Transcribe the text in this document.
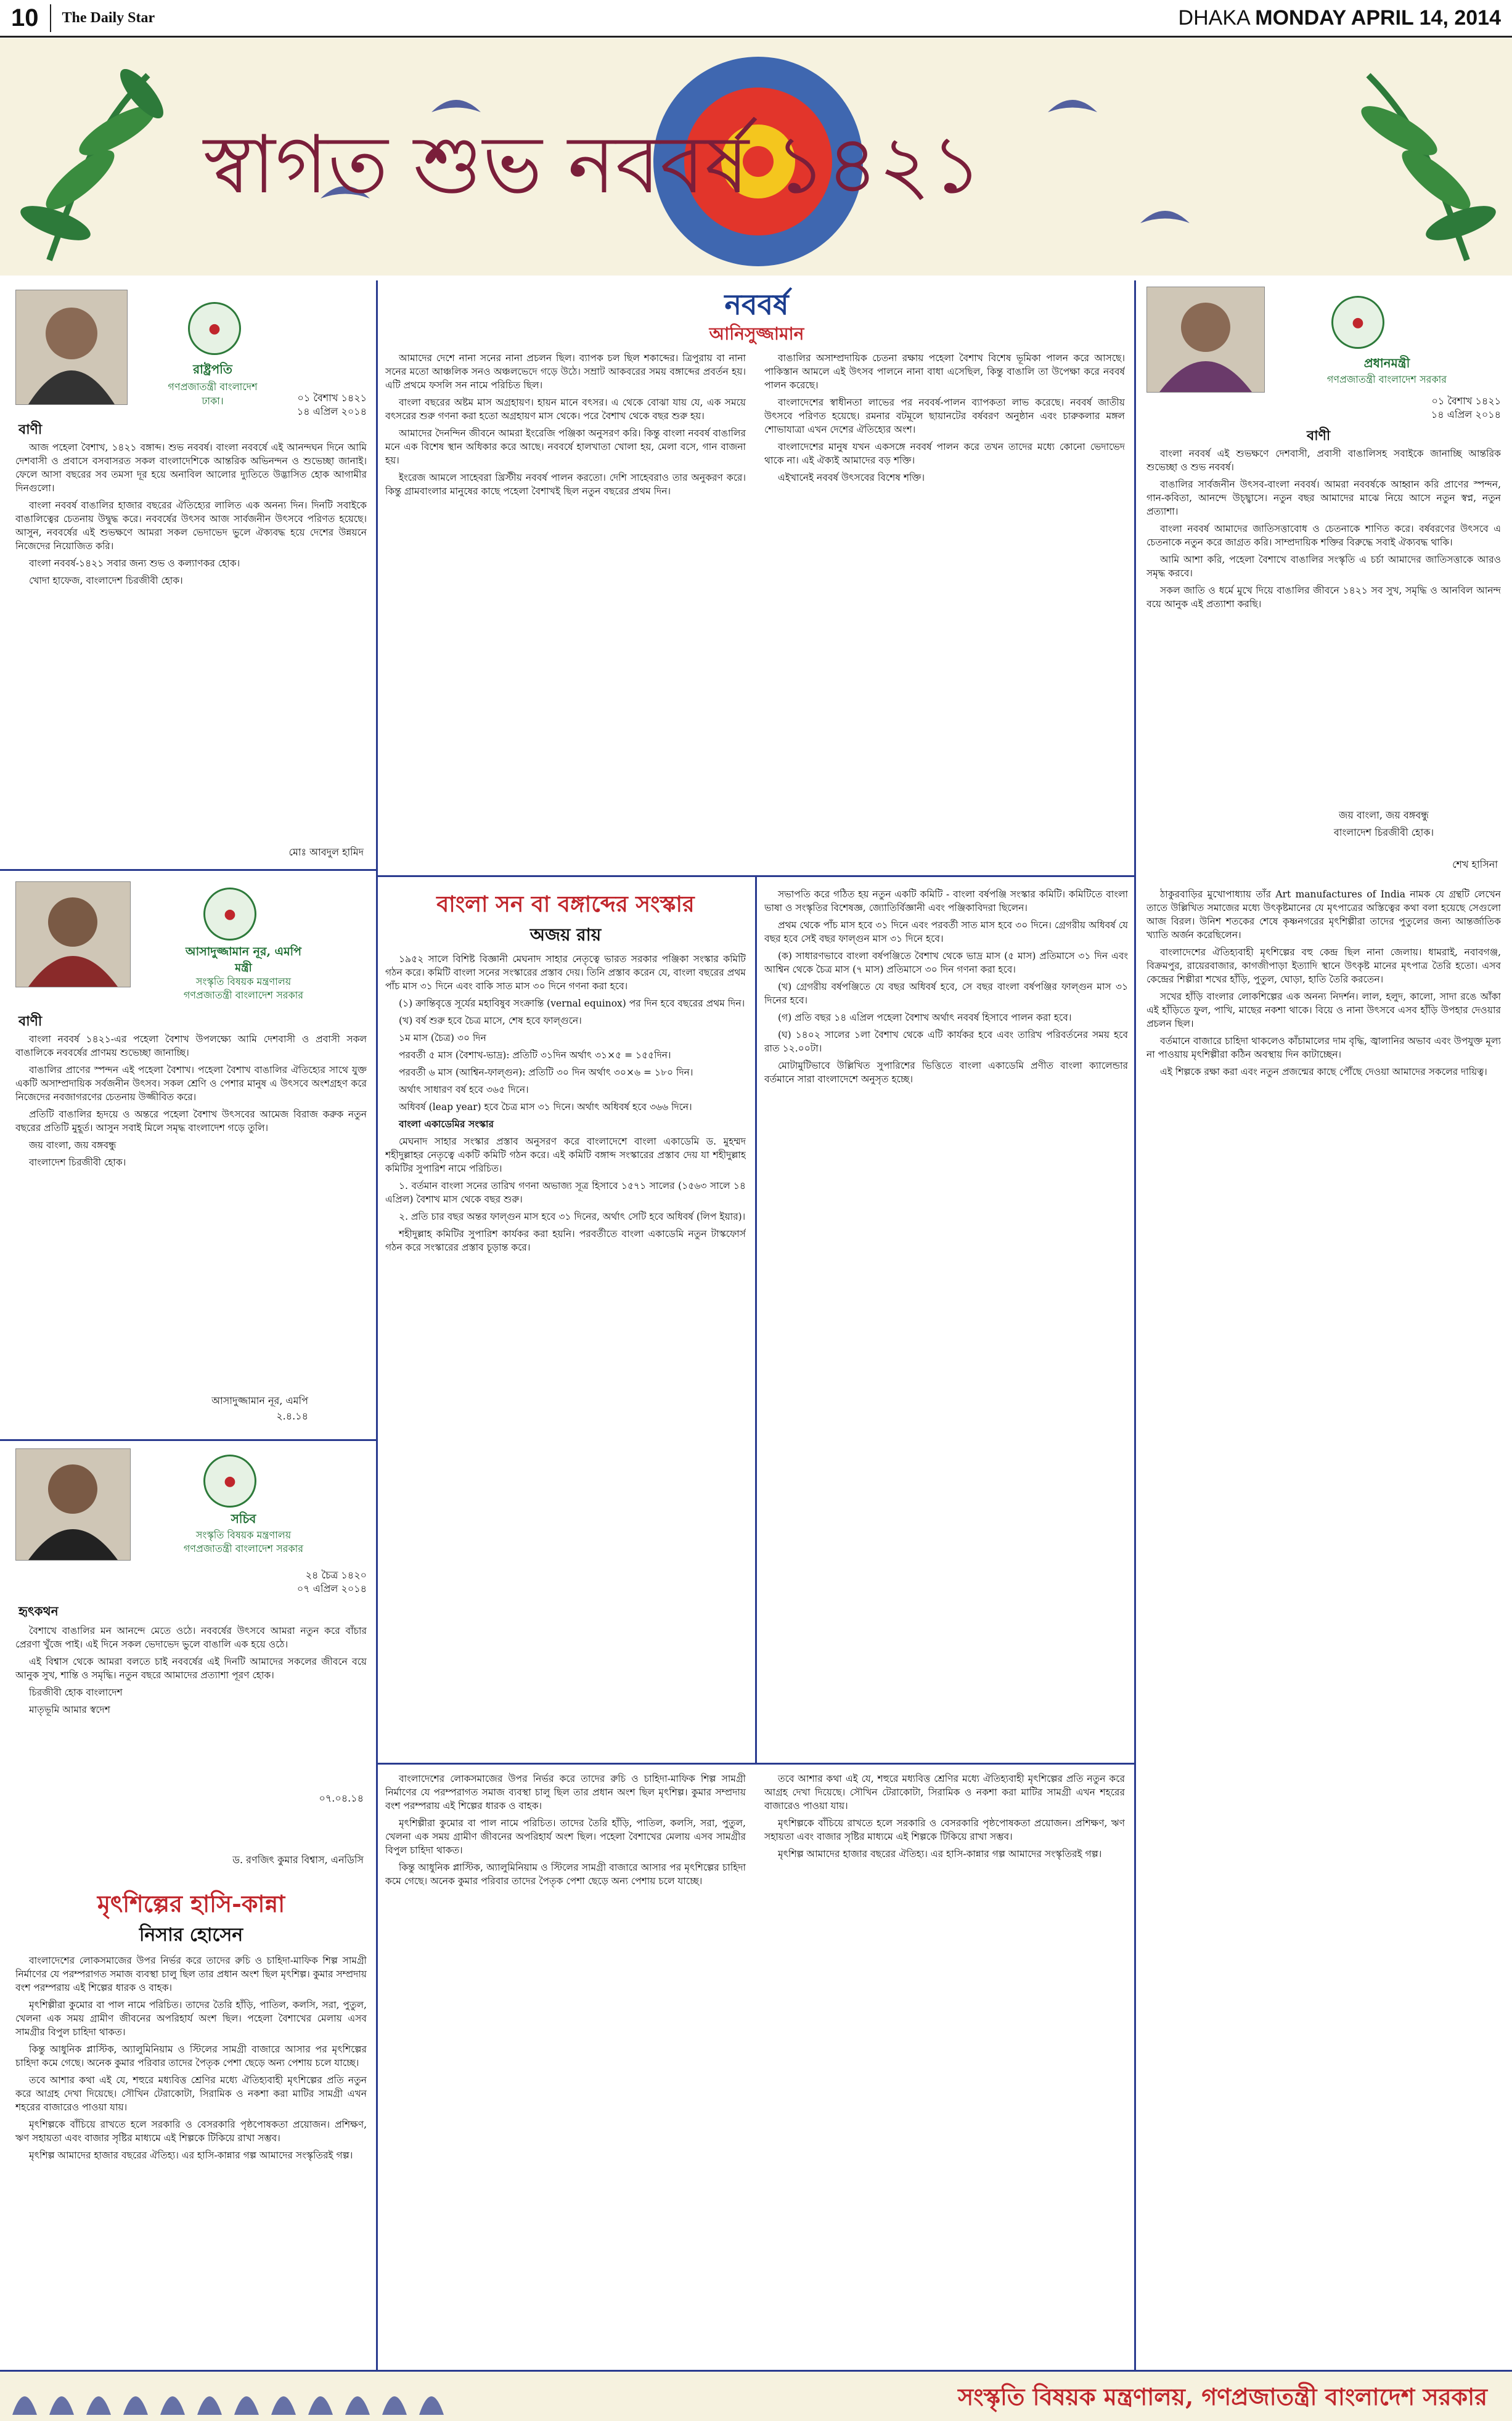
10	The Daily Star	DHAKA MONDAY APRIL 14, 2014
স্বাগত শুভ নববর্ষ ১৪২১
●
রাষ্ট্রপতি
গণপ্রজাতন্ত্রী বাংলাদেশ
ঢাকা।	০১ বৈশাখ ১৪২১
১৪ এপ্রিল ২০১৪
বাণী

আজ পহেলা বৈশাখ, ১৪২১ বঙ্গাব্দ। শুভ নববর্ষ। বাংলা নববর্ষে এই আনন্দঘন দিনে আমি দেশবাসী ও প্রবাসে বসবাসরত সকল বাংলাদেশিকে আন্তরিক অভিনন্দন ও শুভেচ্ছা জানাই। ফেলে আসা বছরের সব তমসা দূর হয়ে অনাবিল আলোর দ্যুতিতে উদ্ভাসিত হোক আগামীর দিনগুলো।

বাংলা নববর্ষ বাঙালির হাজার বছরের ঐতিহ্যের লালিত এক অনন্য দিন। দিনটি সবাইকে বাঙালিত্বের চেতনায় উদ্বুদ্ধ করে। নববর্ষের উৎসব আজ সার্বজনীন উৎসবে পরিণত হয়েছে। আসুন, নববর্ষের এই শুভক্ষণে আমরা সকল ভেদাভেদ ভুলে ঐক্যবদ্ধ হয়ে দেশের উন্নয়নে নিজেদের নিয়োজিত করি।

বাংলা নববর্ষ-১৪২১ সবার জন্য শুভ ও কল্যাণকর হোক।

খোদা হাফেজ, বাংলাদেশ চিরজীবী হোক।

মোঃ আবদুল হামিদ
●
আসাদুজ্জামান নূর, এমপি
মন্ত্রী
সংস্কৃতি বিষয়ক মন্ত্রণালয়
গণপ্রজাতন্ত্রী বাংলাদেশ সরকার
বাণী

বাংলা নববর্ষ ১৪২১-এর পহেলা বৈশাখ উপলক্ষ্যে আমি দেশবাসী ও প্রবাসী সকল বাঙালিকে নববর্ষের প্রাণময় শুভেচ্ছা জানাচ্ছি।

বাঙালির প্রাণের স্পন্দন এই পহেলা বৈশাখ। পহেলা বৈশাখ বাঙালির ঐতিহ্যের সাথে যুক্ত একটি অসাম্প্রদায়িক সর্বজনীন উৎসব। সকল শ্রেণি ও পেশার মানুষ এ উৎসবে অংশগ্রহণ করে নিজেদের নবজাগরণের চেতনায় উজ্জীবিত করে।

প্রতিটি বাঙালির হৃদয়ে ও অন্তরে পহেলা বৈশাখ উৎসবের আমেজ বিরাজ করুক নতুন বছরের প্রতিটি মুহূর্ত। আসুন সবাই মিলে সমৃদ্ধ বাংলাদেশ গড়ে তুলি।

জয় বাংলা, জয় বঙ্গবন্ধু

বাংলাদেশ চিরজীবী হোক।

আসাদুজ্জামান নূর, এমপি
২.৪.১৪
●
সচিব
সংস্কৃতি বিষয়ক মন্ত্রণালয়
গণপ্রজাতন্ত্রী বাংলাদেশ সরকার
২৪ চৈত্র ১৪২০
০৭ এপ্রিল ২০১৪
হৃৎকথন

বৈশাখে বাঙালির মন আনন্দে মেতে ওঠে। নববর্ষের উৎসবে আমরা নতুন করে বাঁচার প্রেরণা খুঁজে পাই। এই দিনে সকল ভেদাভেদ ভুলে বাঙালি এক হয়ে ওঠে।

এই বিশ্বাস থেকে আমরা বলতে চাই নববর্ষের এই দিনটি আমাদের সকলের জীবনে বয়ে আনুক সুখ, শান্তি ও সমৃদ্ধি। নতুন বছরে আমাদের প্রত্যাশা পূরণ হোক।

চিরজীবী হোক বাংলাদেশ

মাতৃভূমি আমার স্বদেশ

০৭.০৪.১৪
ড. রণজিৎ কুমার বিশ্বাস, এনডিসি
মৃৎশিল্পের হাসি-কান্না
নিসার হোসেন

বাংলাদেশের লোকসমাজের উপর নির্ভর করে তাদের রুচি ও চাহিদা-মাফিক শিল্প সামগ্রী নির্মাণের যে পরম্পরাগত সমাজ ব্যবস্থা চালু ছিল তার প্রধান অংশ ছিল মৃৎশিল্প। কুমার সম্প্রদায় বংশ পরম্পরায় এই শিল্পের ধারক ও বাহক।

মৃৎশিল্পীরা কুমোর বা পাল নামে পরিচিত। তাদের তৈরি হাঁড়ি, পাতিল, কলসি, সরা, পুতুল, খেলনা এক সময় গ্রামীণ জীবনের অপরিহার্য অংশ ছিল। পহেলা বৈশাখের মেলায় এসব সামগ্রীর বিপুল চাহিদা থাকত।

কিন্তু আধুনিক প্লাস্টিক, অ্যালুমিনিয়াম ও স্টিলের সামগ্রী বাজারে আসার পর মৃৎশিল্পের চাহিদা কমে গেছে। অনেক কুমার পরিবার তাদের পৈতৃক পেশা ছেড়ে অন্য পেশায় চলে যাচ্ছে।

তবে আশার কথা এই যে, শহুরে মধ্যবিত্ত শ্রেণির মধ্যে ঐতিহ্যবাহী মৃৎশিল্পের প্রতি নতুন করে আগ্রহ দেখা দিয়েছে। সৌখিন টেরাকোটা, সিরামিক ও নকশা করা মাটির সামগ্রী এখন শহরের বাজারেও পাওয়া যায়।

মৃৎশিল্পকে বাঁচিয়ে রাখতে হলে সরকারি ও বেসরকারি পৃষ্ঠপোষকতা প্রয়োজন। প্রশিক্ষণ, ঋণ সহায়তা এবং বাজার সৃষ্টির মাধ্যমে এই শিল্পকে টিকিয়ে রাখা সম্ভব।

মৃৎশিল্প আমাদের হাজার বছরের ঐতিহ্য। এর হাসি-কান্নার গল্প আমাদের সংস্কৃতিরই গল্প।

নববর্ষ
আনিসুজ্জামান

আমাদের দেশে নানা সনের নানা প্রচলন ছিল। ব্যাপক চল ছিল শকাব্দের। ত্রিপুরায় বা নানা সনের মতো আঞ্চলিক সনও অঞ্চলভেদে গড়ে উঠে। সম্রাট আকবরের সময় বঙ্গাব্দের প্রবর্তন হয়। এটি প্রথমে ফসলি সন নামে পরিচিত ছিল।

বাংলা বছরের অষ্টম মাস অগ্রহায়ণ। হায়ন মানে বৎসর। এ থেকে বোঝা যায় যে, এক সময়ে বৎসরের শুরু গণনা করা হতো অগ্রহায়ণ মাস থেকে। পরে বৈশাখ থেকে বছর শুরু হয়।

আমাদের দৈনন্দিন জীবনে আমরা ইংরেজি পঞ্জিকা অনুসরণ করি। কিন্তু বাংলা নববর্ষ বাঙালির মনে এক বিশেষ স্থান অধিকার করে আছে। নববর্ষে হালখাতা খোলা হয়, মেলা বসে, গান বাজনা হয়।

ইংরেজ আমলে সাহেবরা খ্রিস্টীয় নববর্ষ পালন করতো। দেশি সাহেবরাও তার অনুকরণ করে। কিন্তু গ্রামবাংলার মানুষের কাছে পহেলা বৈশাখই ছিল নতুন বছরের প্রথম দিন।

বাঙালির অসাম্প্রদায়িক চেতনা রক্ষায় পহেলা বৈশাখ বিশেষ ভূমিকা পালন করে আসছে। পাকিস্তান আমলে এই উৎসব পালনে নানা বাধা এসেছিল, কিন্তু বাঙালি তা উপেক্ষা করে নববর্ষ পালন করেছে।

বাংলাদেশের স্বাধীনতা লাভের পর নববর্ষ-পালন ব্যাপকতা লাভ করেছে। নববর্ষ জাতীয় উৎসবে পরিণত হয়েছে। রমনার বটমূলে ছায়ানটের বর্ষবরণ অনুষ্ঠান এবং চারুকলার মঙ্গল শোভাযাত্রা এখন দেশের ঐতিহ্যের অংশ।

বাংলাদেশের মানুষ যখন একসঙ্গে নববর্ষ পালন করে তখন তাদের মধ্যে কোনো ভেদাভেদ থাকে না। এই ঐক্যই আমাদের বড় শক্তি।

এইখানেই নববর্ষ উৎসবের বিশেষ শক্তি।

বাংলা সন বা বঙ্গাব্দের সংস্কার
অজয় রায়

১৯৫২ সালে বিশিষ্ট বিজ্ঞানী মেঘনাদ সাহার নেতৃত্বে ভারত সরকার পঞ্জিকা সংস্কার কমিটি গঠন করে। কমিটি বাংলা সনের সংস্কারের প্রস্তাব দেয়। তিনি প্রস্তাব করেন যে, বাংলা বছরের প্রথম পাঁচ মাস ৩১ দিনে এবং বাকি সাত মাস ৩০ দিনে গণনা করা হবে।

(১) ক্রান্তিবৃত্তে সূর্যের মহাবিষুব সংক্রান্তি (vernal equinox) পর দিন হবে বছরের প্রথম দিন।

(খ) বর্ষ শুরু হবে চৈত্র মাসে, শেষ হবে ফাল্গুনে।

১ম মাস (চৈত্র) ৩০ দিন

পরবর্তী ৫ মাস (বৈশাখ-ভাদ্র): প্রতিটি ৩১দিন অর্থাৎ ৩১×৫ = ১৫৫দিন।

পরবর্তী ৬ মাস (আশ্বিন-ফাল্গুন): প্রতিটি ৩০ দিন অর্থাৎ ৩০×৬ = ১৮০ দিন।

অর্থাৎ সাধারণ বর্ষ হবে ৩৬৫ দিনে।

অধিবর্ষ (leap year) হবে চৈত্র মাস ৩১ দিনে। অর্থাৎ অধিবর্ষ হবে ৩৬৬ দিনে।

বাংলা একাডেমির সংস্কার

মেঘনাদ সাহার সংস্কার প্রস্তাব অনুসরণ করে বাংলাদেশে বাংলা একাডেমি ড. মুহম্মদ শহীদুল্লাহর নেতৃত্বে একটি কমিটি গঠন করে। এই কমিটি বঙ্গাব্দ সংস্কারের প্রস্তাব দেয় যা শহীদুল্লাহ কমিটির সুপারিশ নামে পরিচিত।

১. বর্তমান বাংলা সনের তারিখ গণনা অভাজ্য সূত্র হিসাবে ১৫৭১ সালের (১৫৬৩ সালে ১৪ এপ্রিল) বৈশাখ মাস থেকে বছর শুরু।

২. প্রতি চার বছর অন্তর ফাল্গুন মাস হবে ৩১ দিনের, অর্থাৎ সেটি হবে অধিবর্ষ (লিপ ইয়ার)।

শহীদুল্লাহ কমিটির সুপারিশ কার্যকর করা হয়নি। পরবর্তীতে বাংলা একাডেমি নতুন টাস্কফোর্স গঠন করে সংস্কারের প্রস্তাব চূড়ান্ত করে।

সভাপতি করে গঠিত হয় নতুন একটি কমিটি - বাংলা বর্ষপঞ্জি সংস্কার কমিটি। কমিটিতে বাংলা ভাষা ও সংস্কৃতির বিশেষজ্ঞ, জ্যোতির্বিজ্ঞানী এবং পঞ্জিকাবিদরা ছিলেন।

প্রথম থেকে পাঁচ মাস হবে ৩১ দিনে এবং পরবর্তী সাত মাস হবে ৩০ দিনে। গ্রেগরীয় অধিবর্ষ যে বছর হবে সেই বছর ফাল্গুন মাস ৩১ দিনে হবে।

(ক) সাধারণভাবে বাংলা বর্ষপঞ্জিতে বৈশাখ থেকে ভাদ্র মাস (৫ মাস) প্রতিমাসে ৩১ দিন এবং আশ্বিন থেকে চৈত্র মাস (৭ মাস) প্রতিমাসে ৩০ দিন গণনা করা হবে।

(খ) গ্রেগরীয় বর্ষপঞ্জিতে যে বছর অধিবর্ষ হবে, সে বছর বাংলা বর্ষপঞ্জির ফাল্গুন মাস ৩১ দিনের হবে।

(গ) প্রতি বছর ১৪ এপ্রিল পহেলা বৈশাখ অর্থাৎ নববর্ষ হিসাবে পালন করা হবে।

(ঘ) ১৪০২ সালের ১লা বৈশাখ থেকে এটি কার্যকর হবে এবং তারিখ পরিবর্তনের সময় হবে রাত ১২.০০টা।

মোটামুটিভাবে উল্লিখিত সুপারিশের ভিত্তিতে বাংলা একাডেমি প্রণীত বাংলা ক্যালেন্ডার বর্তমানে সারা বাংলাদেশে অনুসৃত হচ্ছে।

বাংলাদেশের লোকসমাজের উপর নির্ভর করে তাদের রুচি ও চাহিদা-মাফিক শিল্প সামগ্রী নির্মাণের যে পরম্পরাগত সমাজ ব্যবস্থা চালু ছিল তার প্রধান অংশ ছিল মৃৎশিল্প। কুমার সম্প্রদায় বংশ পরম্পরায় এই শিল্পের ধারক ও বাহক।

মৃৎশিল্পীরা কুমোর বা পাল নামে পরিচিত। তাদের তৈরি হাঁড়ি, পাতিল, কলসি, সরা, পুতুল, খেলনা এক সময় গ্রামীণ জীবনের অপরিহার্য অংশ ছিল। পহেলা বৈশাখের মেলায় এসব সামগ্রীর বিপুল চাহিদা থাকত।

কিন্তু আধুনিক প্লাস্টিক, অ্যালুমিনিয়াম ও স্টিলের সামগ্রী বাজারে আসার পর মৃৎশিল্পের চাহিদা কমে গেছে। অনেক কুমার পরিবার তাদের পৈতৃক পেশা ছেড়ে অন্য পেশায় চলে যাচ্ছে।

তবে আশার কথা এই যে, শহুরে মধ্যবিত্ত শ্রেণির মধ্যে ঐতিহ্যবাহী মৃৎশিল্পের প্রতি নতুন করে আগ্রহ দেখা দিয়েছে। সৌখিন টেরাকোটা, সিরামিক ও নকশা করা মাটির সামগ্রী এখন শহরের বাজারেও পাওয়া যায়।

মৃৎশিল্পকে বাঁচিয়ে রাখতে হলে সরকারি ও বেসরকারি পৃষ্ঠপোষকতা প্রয়োজন। প্রশিক্ষণ, ঋণ সহায়তা এবং বাজার সৃষ্টির মাধ্যমে এই শিল্পকে টিকিয়ে রাখা সম্ভব।

মৃৎশিল্প আমাদের হাজার বছরের ঐতিহ্য। এর হাসি-কান্নার গল্প আমাদের সংস্কৃতিরই গল্প।

●
প্রধানমন্ত্রী
গণপ্রজাতন্ত্রী বাংলাদেশ সরকার
০১ বৈশাখ ১৪২১
১৪ এপ্রিল ২০১৪
বাণী

বাংলা নববর্ষ এই শুভক্ষণে দেশবাসী, প্রবাসী বাঙালিসহ সবাইকে জানাচ্ছি আন্তরিক শুভেচ্ছা ও শুভ নববর্ষ।

বাঙালির সার্বজনীন উৎসব-বাংলা নববর্ষ। আমরা নববর্ষকে আহ্বান করি প্রাণের স্পন্দন, গান-কবিতা, আনন্দে উচ্ছ্বাসে। নতুন বছর আমাদের মাঝে নিয়ে আসে নতুন স্বপ্ন, নতুন প্রত্যাশা।

বাংলা নববর্ষ আমাদের জাতিসত্তাবোধ ও চেতনাকে শাণিত করে। বর্ষবরণের উৎসবে এ চেতনাকে নতুন করে জাগ্রত করি। সাম্প্রদায়িক শক্তির বিরুদ্ধে সবাই ঐক্যবদ্ধ থাকি।

আমি আশা করি, পহেলা বৈশাখে বাঙালির সংস্কৃতি এ চর্চা আমাদের জাতিসত্তাকে আরও সমৃদ্ধ করবে।

সকল জাতি ও ধর্মে মুখে দিয়ে বাঙালির জীবনে ১৪২১ সব সুখ, সমৃদ্ধি ও আনবিল আনন্দ বয়ে আনুক এই প্রত্যাশা করছি।

জয় বাংলা, জয় বঙ্গবন্ধু
বাংলাদেশ চিরজীবী হোক।
শেখ হাসিনা

ঠাকুরবাড়ির মুখোপাধ্যায় তাঁর Art manufactures of India নামক যে গ্রন্থটি লেখেন তাতে উল্লিখিত সমাজের মধ্যে উৎকৃষ্টমানের যে মৃৎপাত্রের অস্তিত্বের কথা বলা হয়েছে সেগুলো আজ বিরল। উনিশ শতকের শেষে কৃষ্ণনগরের মৃৎশিল্পীরা তাদের পুতুলের জন্য আন্তর্জাতিক খ্যাতি অর্জন করেছিলেন।

বাংলাদেশের ঐতিহ্যবাহী মৃৎশিল্পের বহু কেন্দ্র ছিল নানা জেলায়। ধামরাই, নবাবগঞ্জ, বিক্রমপুর, রায়েরবাজার, কাগজীপাড়া ইত্যাদি স্থানে উৎকৃষ্ট মানের মৃৎপাত্র তৈরি হতো। এসব কেন্দ্রের শিল্পীরা শখের হাঁড়ি, পুতুল, ঘোড়া, হাতি তৈরি করতেন।

সখের হাঁড়ি বাংলার লোকশিল্পের এক অনন্য নিদর্শন। লাল, হলুদ, কালো, সাদা রঙে আঁকা এই হাঁড়িতে ফুল, পাখি, মাছের নকশা থাকে। বিয়ে ও নানা উৎসবে এসব হাঁড়ি উপহার দেওয়ার প্রচলন ছিল।

বর্তমানে বাজারে চাহিদা থাকলেও কাঁচামালের দাম বৃদ্ধি, জ্বালানির অভাব এবং উপযুক্ত মূল্য না পাওয়ায় মৃৎশিল্পীরা কঠিন অবস্থায় দিন কাটাচ্ছেন।

এই শিল্পকে রক্ষা করা এবং নতুন প্রজন্মের কাছে পৌঁছে দেওয়া আমাদের সকলের দায়িত্ব।

সংস্কৃতি বিষয়ক মন্ত্রণালয়, গণপ্রজাতন্ত্রী বাংলাদেশ সরকার
